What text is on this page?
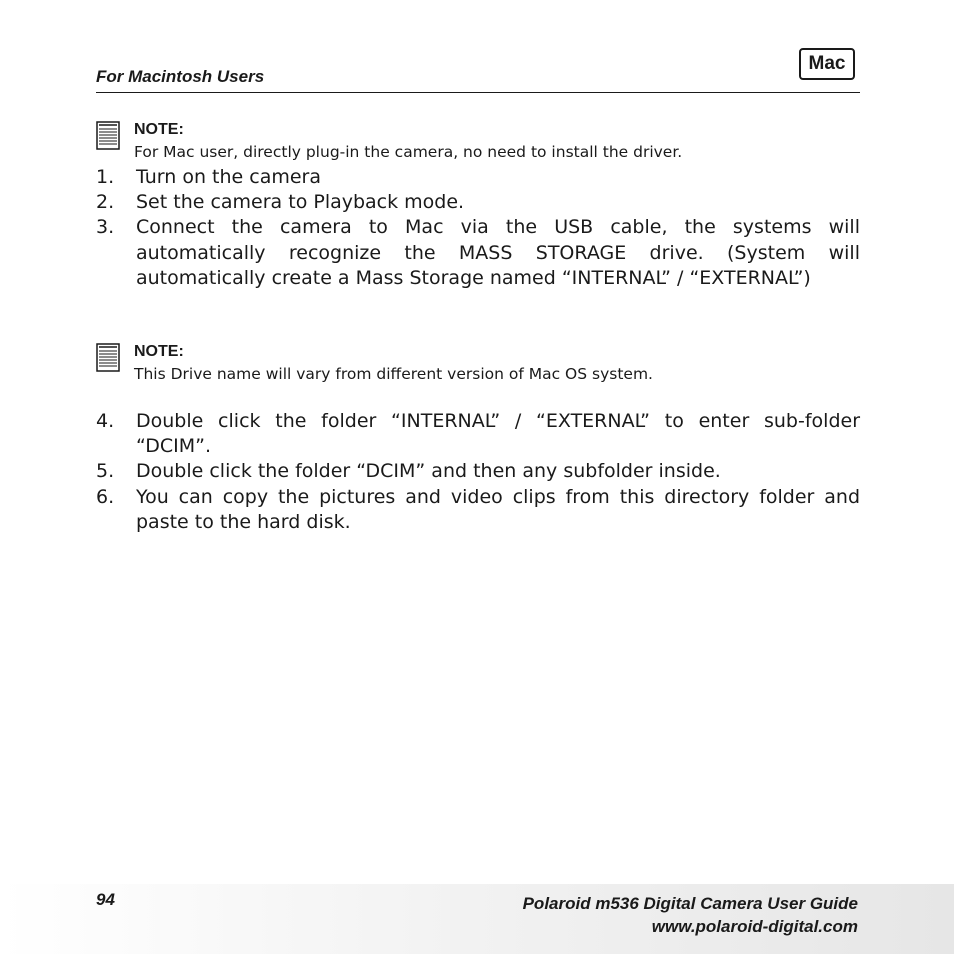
For Macintosh Users
Mac
NOTE:
For Mac user, directly plug-in the camera, no need to install the driver.
1.	Turn on the camera
2.	Set the camera to Playback mode.
3.	Connect the camera to Mac via the USB cable, the systems will automatically recognize the MASS STORAGE drive. (System will automatically create a Mass Storage named “INTERNAL” / “EXTERNAL”)
NOTE:
This Drive name will vary from different version of Mac OS system.
4.	Double click the folder “INTERNAL” / “EXTERNAL” to enter sub-folder “DCIM”.
5.	Double click the folder “DCIM” and then any subfolder inside.
6.	You can copy the pictures and video clips from this directory folder and paste to the hard disk.
94	Polaroid m536 Digital Camera User Guide
www.polaroid-digital.com
